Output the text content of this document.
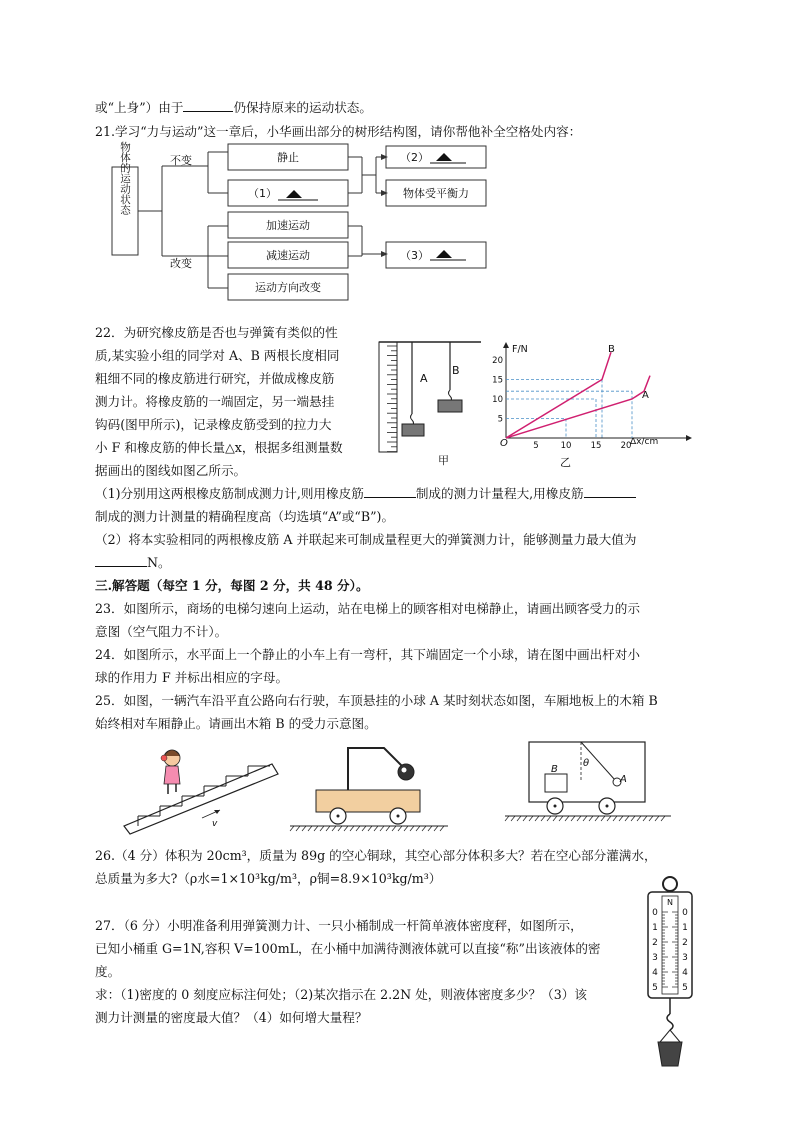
或“上身”）由于	仍保持原来的运动状态。
21.学习“力与运动”这一章后，小华画出部分的树形结构图，请你帮他补全空格处内容：
物体的运动状态	不变
改变
静止
（1）
（2）
物体受平衡力
加速运动
减速运动
运动方向改变
（3）
22．为研究橡皮筋是否也与弹簧有类似的性
质,某实验小组的同学对 A、B 两根长度相同
粗细不同的橡皮筋进行研究，并做成橡皮筋
测力计。将橡皮筋的一端固定，另一端悬挂
钩码(图甲所示)，记录橡皮筋受到的拉力大
小 F 和橡皮筋的伸长量△x，根据多组测量数
据画出的图线如图乙所示。
A
B
甲
F/N
Δx/cm
O
5
10
15
20
5	10 15 20
A
B
乙
（1)分别用这两根橡皮筋制成测力计,则用橡皮筋	制成的测力计量程大,用橡皮筋
制成的测力计测量的精确程度高（均选填“A”或“B”)。
（2）将本实验相同的两根橡皮筋 A 并联起来可制成量程更大的弹簧测力计，能够测量力最大值为
N。
三.解答题（每空 1 分，每图 2 分，共 48 分）。
23．如图所示，商场的电梯匀速向上运动，站在电梯上的顾客相对电梯静止，请画出顾客受力的示
意图（空气阻力不计）。
24．如图所示，水平面上一个静止的小车上有一弯杆，其下端固定一个小球，请在图中画出杆对小
球的作用力 F 并标出相应的字母。
25．如图，一辆汽车沿平直公路向右行驶，车顶悬挂的小球 A 某时刻状态如图，车厢地板上的木箱 B
始终相对车厢静止。请画出木箱 B 的受力示意图。
v
A
θ
B
26.（4 分）体积为 20cm³，质量为 89g 的空心铜球，其空心部分体积多大？若在空心部分灌满水，
总质量为多大?（ρ水=1×10³kg/m³，ρ铜=8.9×10³kg/m³）
27．（6 分）小明准备利用弹簧测力计、一只小桶制成一杆简单液体密度秤，如图所示，
已知小桶重 G=1N,容积 V=100mL，在小桶中加满待测液体就可以直接“称”出该液体的密
度。
求：（1)密度的 0 刻度应标注何处；（2)某次指示在 2.2N 处，则液体密度多少？（3）该
测力计测量的密度最大值？（4）如何增大量程？
N
0	0
1	1
2	2
3	3
4	4
5	5
